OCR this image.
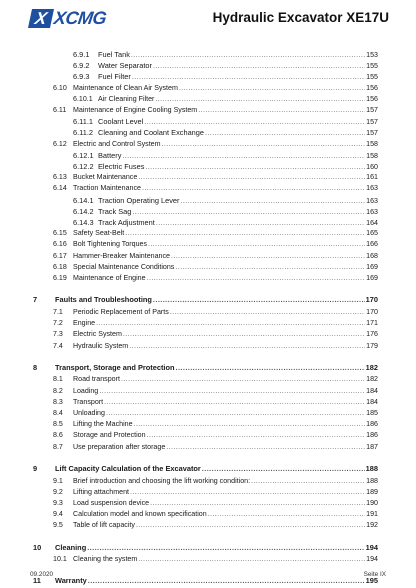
X XCMG	Hydraulic Excavator XE17U
6.9.1 Fuel Tank .....	153
6.9.2 Water Separator .....	155
6.9.3 Fuel Filter .....	155
6.10 Maintenance of Clean Air System .....	156
6.10.1 Air Cleaning Filter .....	156
6.11 Maintenance of Engine Cooling System .....	157
6.11.1 Coolant Level .....	157
6.11.2 Cleaning and Coolant Exchange .....	157
6.12 Electric and Control System .....	158
6.12.1 Battery .....	158
6.12.2 Electric Fuses .....	160
6.13 Bucket Maintenance .....	161
6.14 Traction Maintenance .....	163
6.14.1 Traction Operating Lever .....	163
6.14.2 Track Sag .....	163
6.14.3 Track Adjustment .....	164
6.15 Safety Seat-Belt .....	165
6.16 Bolt Tightening Torques .....	166
6.17 Hammer-Breaker Maintenance .....	168
6.18 Special Maintenance Conditions .....	169
6.19 Maintenance of Engine .....	169
7 Faults and Troubleshooting .....	170
7.1 Periodic Replacement of Parts .....	170
7.2 Engine .....	171
7.3 Electric System .....	176
7.4 Hydraulic System .....	179
8 Transport, Storage and Protection .....	182
8.1 Road transport .....	182
8.2 Loading .....	184
8.3 Transport .....	184
8.4 Unloading .....	185
8.5 Lifting the Machine .....	186
8.6 Storage and Protection .....	186
8.7 Use preparation after storage .....	187
9 Lift Capacity Calculation of the Excavator .....	188
9.1 Brief introduction and choosing the lift working condition: .....	188
9.2 Lifting attachment .....	189
9.3 Load suspension device .....	190
9.4 Calculation model and known specification .....	191
9.5 Table of lift capacity .....	192
10 Cleaning .....	194
10.1 Cleaning the system .....	194
11 Warranty .....	195
09.2020	Seite IX
